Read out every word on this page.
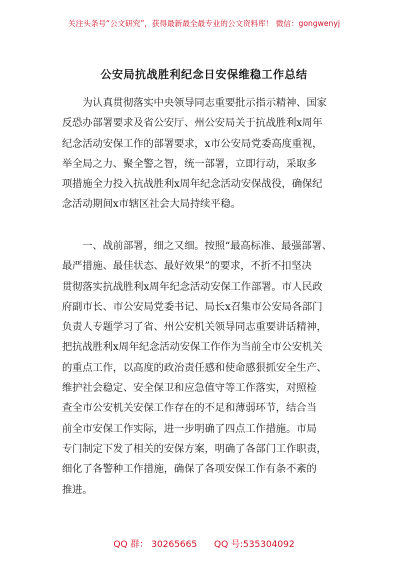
关注头条号“公文研究”，获得最新最全最专业的公文资料库！ 微信：gongwenyj
公安局抗战胜利纪念日安保维稳工作总结
　　为认真贯彻落实中央领导同志重要批示指示精神、国家
反恐办部署要求及省公安厅、州公安局关于抗战胜利x周年
纪念活动安保工作的部署要求，x市公安局党委高度重视，
举全局之力、聚全警之智，统一部署，立即行动，采取多
项措施全力投入抗战胜利x周年纪念活动安保战役，确保纪
念活动期间x市辖区社会大局持续平稳。
　　一、战前部署，细之又细。按照“最高标准、最强部署、
最严措施、最佳状态、最好效果”的要求，不折不扣坚决
贯彻落实抗战胜利x周年纪念活动安保工作部署。市人民政
府副市长、市公安局党委书记、局长x召集市公安局各部门
负责人专题学习了省、州公安机关领导同志重要讲话精神，
把抗战胜利x周年纪念活动安保工作作为当前全市公安机关
的重点工作，以高度的政治责任感和使命感狠抓安全生产、
维护社会稳定、安全保卫和应急值守等工作落实，对照检
查全市公安机关安保工作存在的不足和薄弱环节，结合当
前全市安保工作实际，进一步明确了四点工作措施。市局
专门制定下发了相关的安保方案，明确了各部门工作职责，
细化了各警种工作措施，确保了各项安保工作有条不紊的
推进。
QQ 群： 30265665 QQ 号:535304092
